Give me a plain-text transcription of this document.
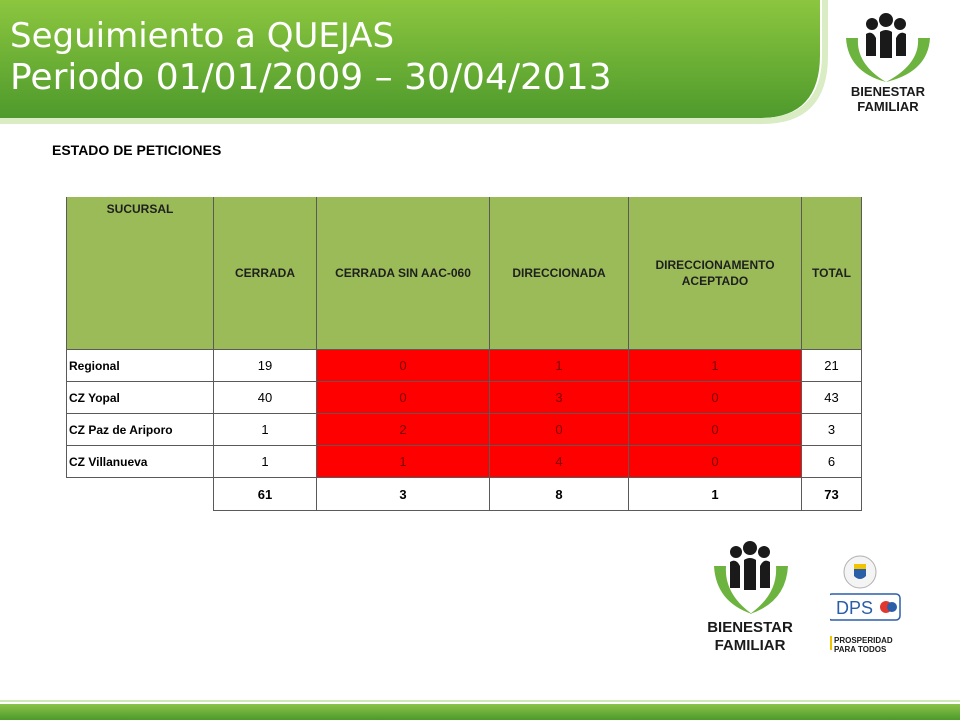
Seguimiento a QUEJAS
Periodo 01/01/2009 – 30/04/2013	BIENESTAR
FAMILIAR
ESTADO DE PETICIONES
SUCURSAL	CERRADA	CERRADA SIN AAC-060	DIRECCIONADA	DIRECCIONAMENTO ACEPTADO	TOTAL
Regional	19	0	1	1	21
CZ Yopal	40	0	3	0	43
CZ Paz de Ariporo	1	2	0	0	3
CZ Villanueva	1	1	4	0	6
	61	3	8	1	73
BIENESTAR
FAMILIAR
DPS
PROSPERIDAD
PARA TODOS
